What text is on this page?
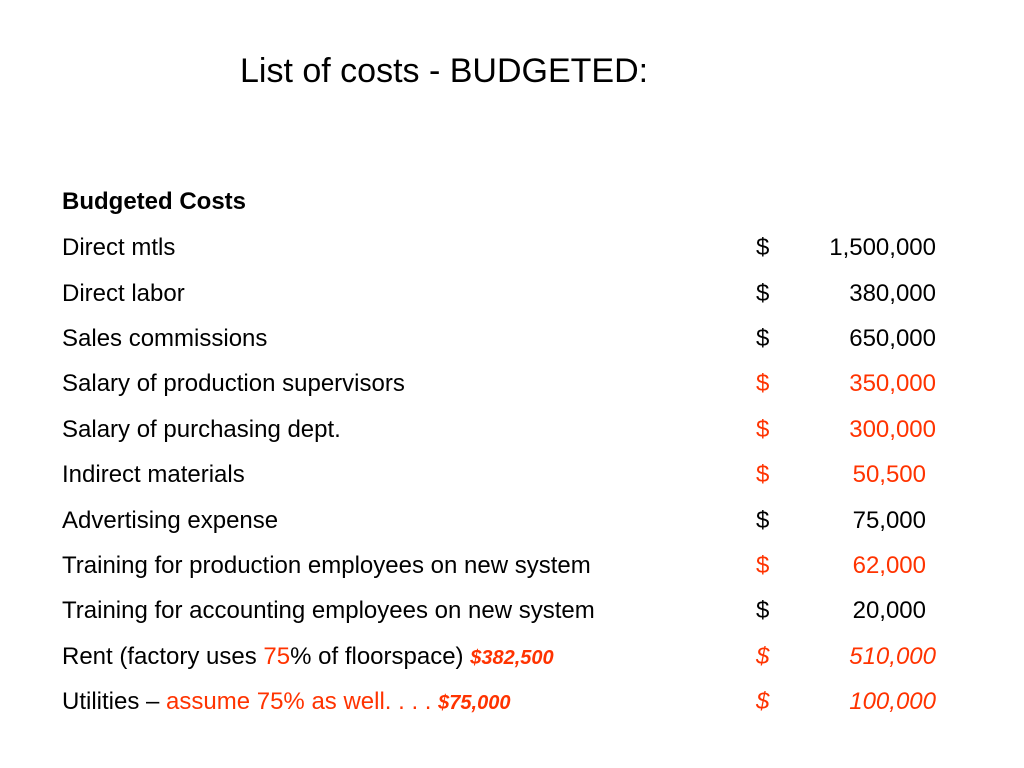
List of costs - BUDGETED:
Budgeted Costs
Direct mtls	$ 1,500,000
Direct labor	$	380,000
Sales commissions	$	650,000
Salary of production supervisors	$	350,000
Salary of purchasing dept.	$	300,000
Indirect materials	$	50,500
Advertising expense	$	75,000
Training for production employees on new system	$	62,000
Training for accounting employees on new system	$	20,000
Rent (factory uses 75% of floorspace) $382,500	$	510,000
Utilities – assume 75% as well. . . . $75,000	$	100,000
